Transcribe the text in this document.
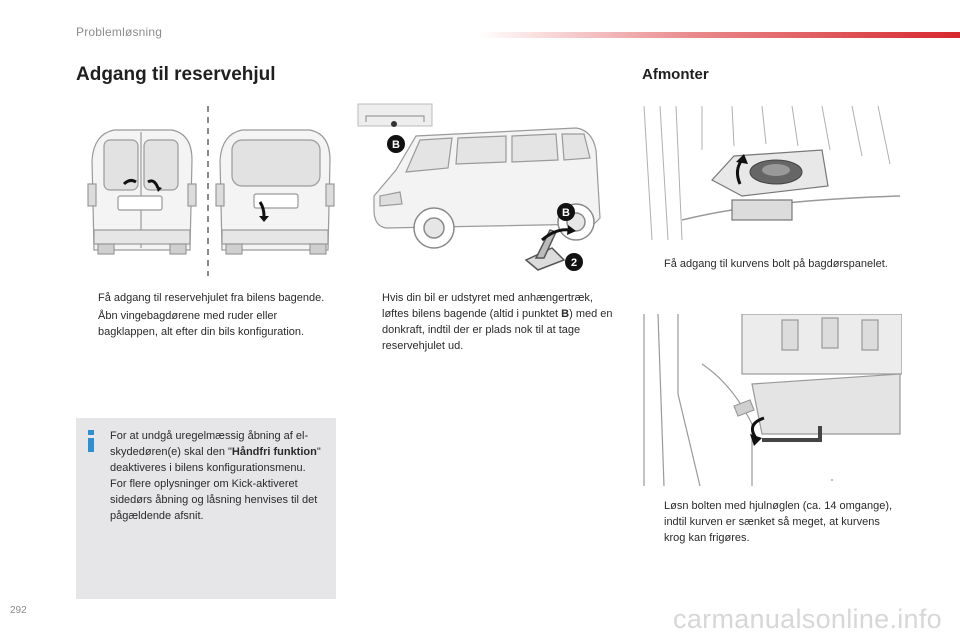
Problemløsning
Adgang til reservehjul	Afmonter
B
B
2
Få adgang til reservehjulet fra bilens bagende.
Åbn vingebagdørene med ruder eller bagklappen, alt efter din bils konfiguration.
Hvis din bil er udstyret med anhængertræk, løftes bilens bagende (altid i punktet B) med en donkraft, indtil der er plads nok til at tage reservehjulet ud.
Få adgang til kurvens bolt på bagdørspanelet.
Løsn bolten med hjulnøglen (ca. 14 omgange), indtil kurven er sænket så meget, at kurvens krog kan frigøres.
For at undgå uregelmæssig åbning af el-skydedøren(e) skal den "Håndfri funktion" deaktiveres i bilens konfigurationsmenu.
For flere oplysninger om Kick-aktiveret sidedørs åbning og låsning henvises til det pågældende afsnit.
292	carmanualsonline.info
